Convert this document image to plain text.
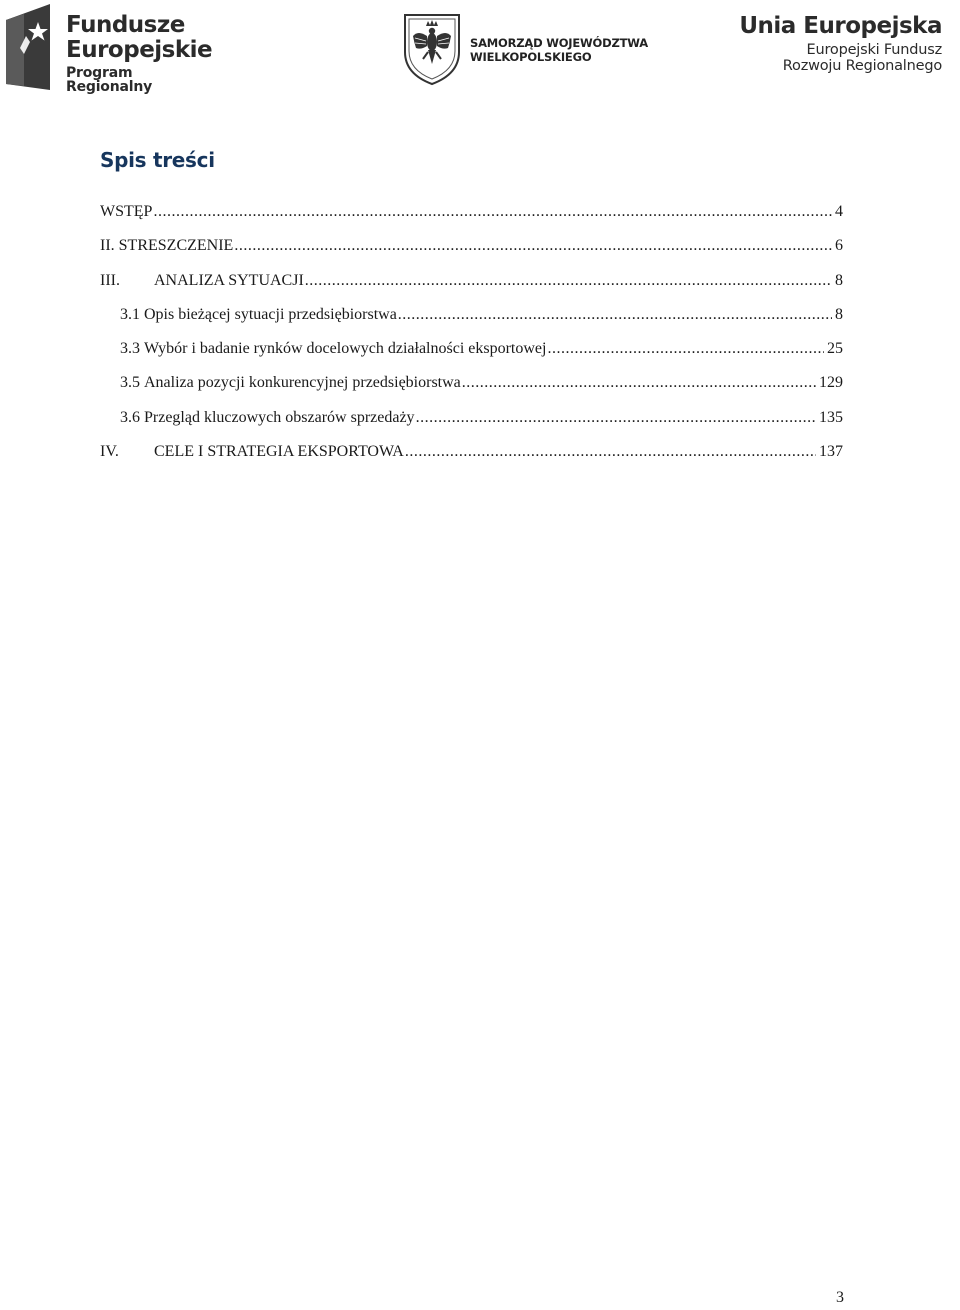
Fundusze
Europejskie
Program Regionalny
SAMORZĄD WOJEWÓDZTWA
WIELKOPOLSKIEGO
Unia Europejska
Europejski Fundusz
Rozwoju Regionalnego
Spis treści
WSTĘP .....	4
II. STRESZCZENIE .....	6
III.	ANALIZA SYTUACJI .....	8
3.1 Opis bieżącej sytuacji przedsiębiorstwa .....	8
3.3 Wybór i badanie rynków docelowych działalności eksportowej .....	25
3.5 Analiza pozycji konkurencyjnej przedsiębiorstwa .....	129
3.6 Przegląd kluczowych obszarów sprzedaży .....	135
IV.	CELE I STRATEGIA EKSPORTOWA .....	137
3
